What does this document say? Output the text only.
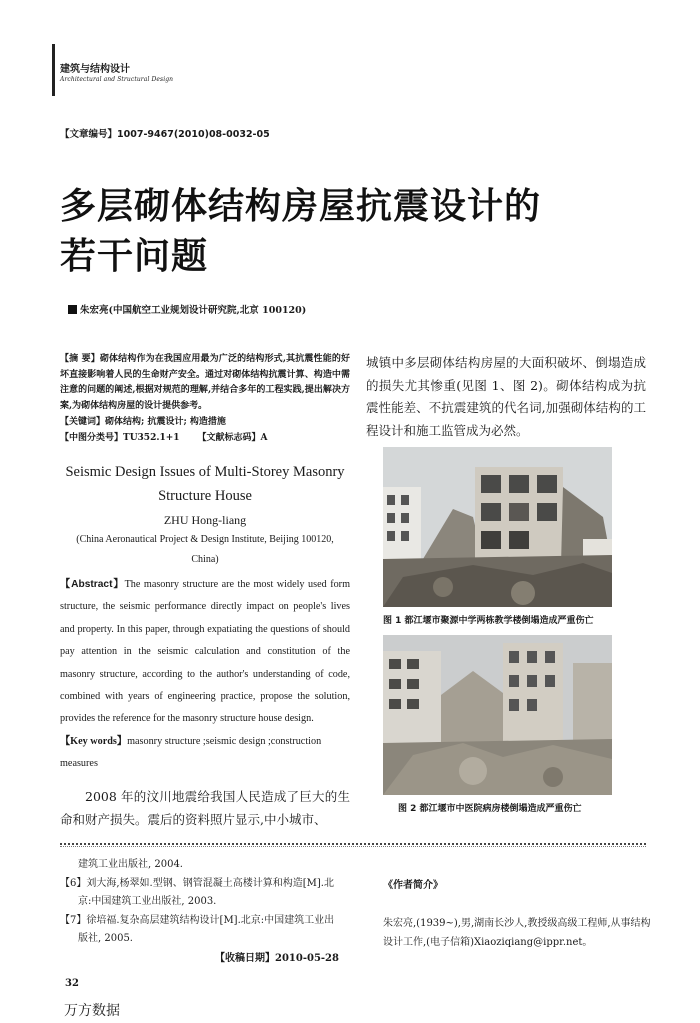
建筑与结构设计
Architectural and Structural Design
【文章编号】1007-9467(2010)08-0032-05
多层砌体结构房屋抗震设计的
若干问题
朱宏亮(中国航空工业规划设计研究院,北京 100120)

【摘 要】砌体结构作为在我国应用最为广泛的结构形式,其抗震性能的好坏直接影响着人民的生命财产安全。通过对砌体结构抗震计算、构造中需注意的问题的阐述,根据对规范的理解,并结合多年的工程实践,提出解决方案,为砌体结构房屋的设计提供参考。

【关键词】砌体结构; 抗震设计; 构造措施

【中图分类号】TU352.1+1 【文献标志码】A

Seismic Design Issues of Multi-Storey Masonry
Structure House
ZHU Hong-liang
(China Aeronautical Project & Design Institute, Beijing 100120,
China)

【Abstract】The masonry structure are the most widely used form structure, the seismic performance directly impact on people's lives and property. In this paper, through expatiating the questions of should pay attention in the seismic calculation and constitution of the masonry structure, according to the author's understanding of code, combined with years of engineering practice, propose the solution, provides the reference for the masonry structure house design.

【Key words】masonry structure ;seismic design ;construction measures

2008 年的汶川地震给我国人民造成了巨大的生命和财产损失。震后的资料照片显示,中小城市、

城镇中多层砌体结构房屋的大面积破坏、倒塌造成的损失尤其惨重(见图 1、图 2)。砌体结构成为抗震性能差、不抗震建筑的代名词,加强砌体结构的工程设计和施工监管成为必然。

图 1 都江堰市聚源中学两栋教学楼倒塌造成严重伤亡
图 2 都江堰市中医院病房楼倒塌造成严重伤亡
建筑工业出版社, 2004.
【6】刘大海,杨翠如.型钢、钢管混凝土高楼计算和构造[M].北
京:中国建筑工业出版社, 2003.
【7】徐培福.复杂高层建筑结构设计[M].北京:中国建筑工业出
版社, 2005.
《作者简介》
朱宏亮,(1939~),男,湖南长沙人,教授级高级工程师,从事结构设计工作,(电子信箱)Xiaoziqiang@ippr.net。
【收稿日期】2010-05-28
32
万方数据
